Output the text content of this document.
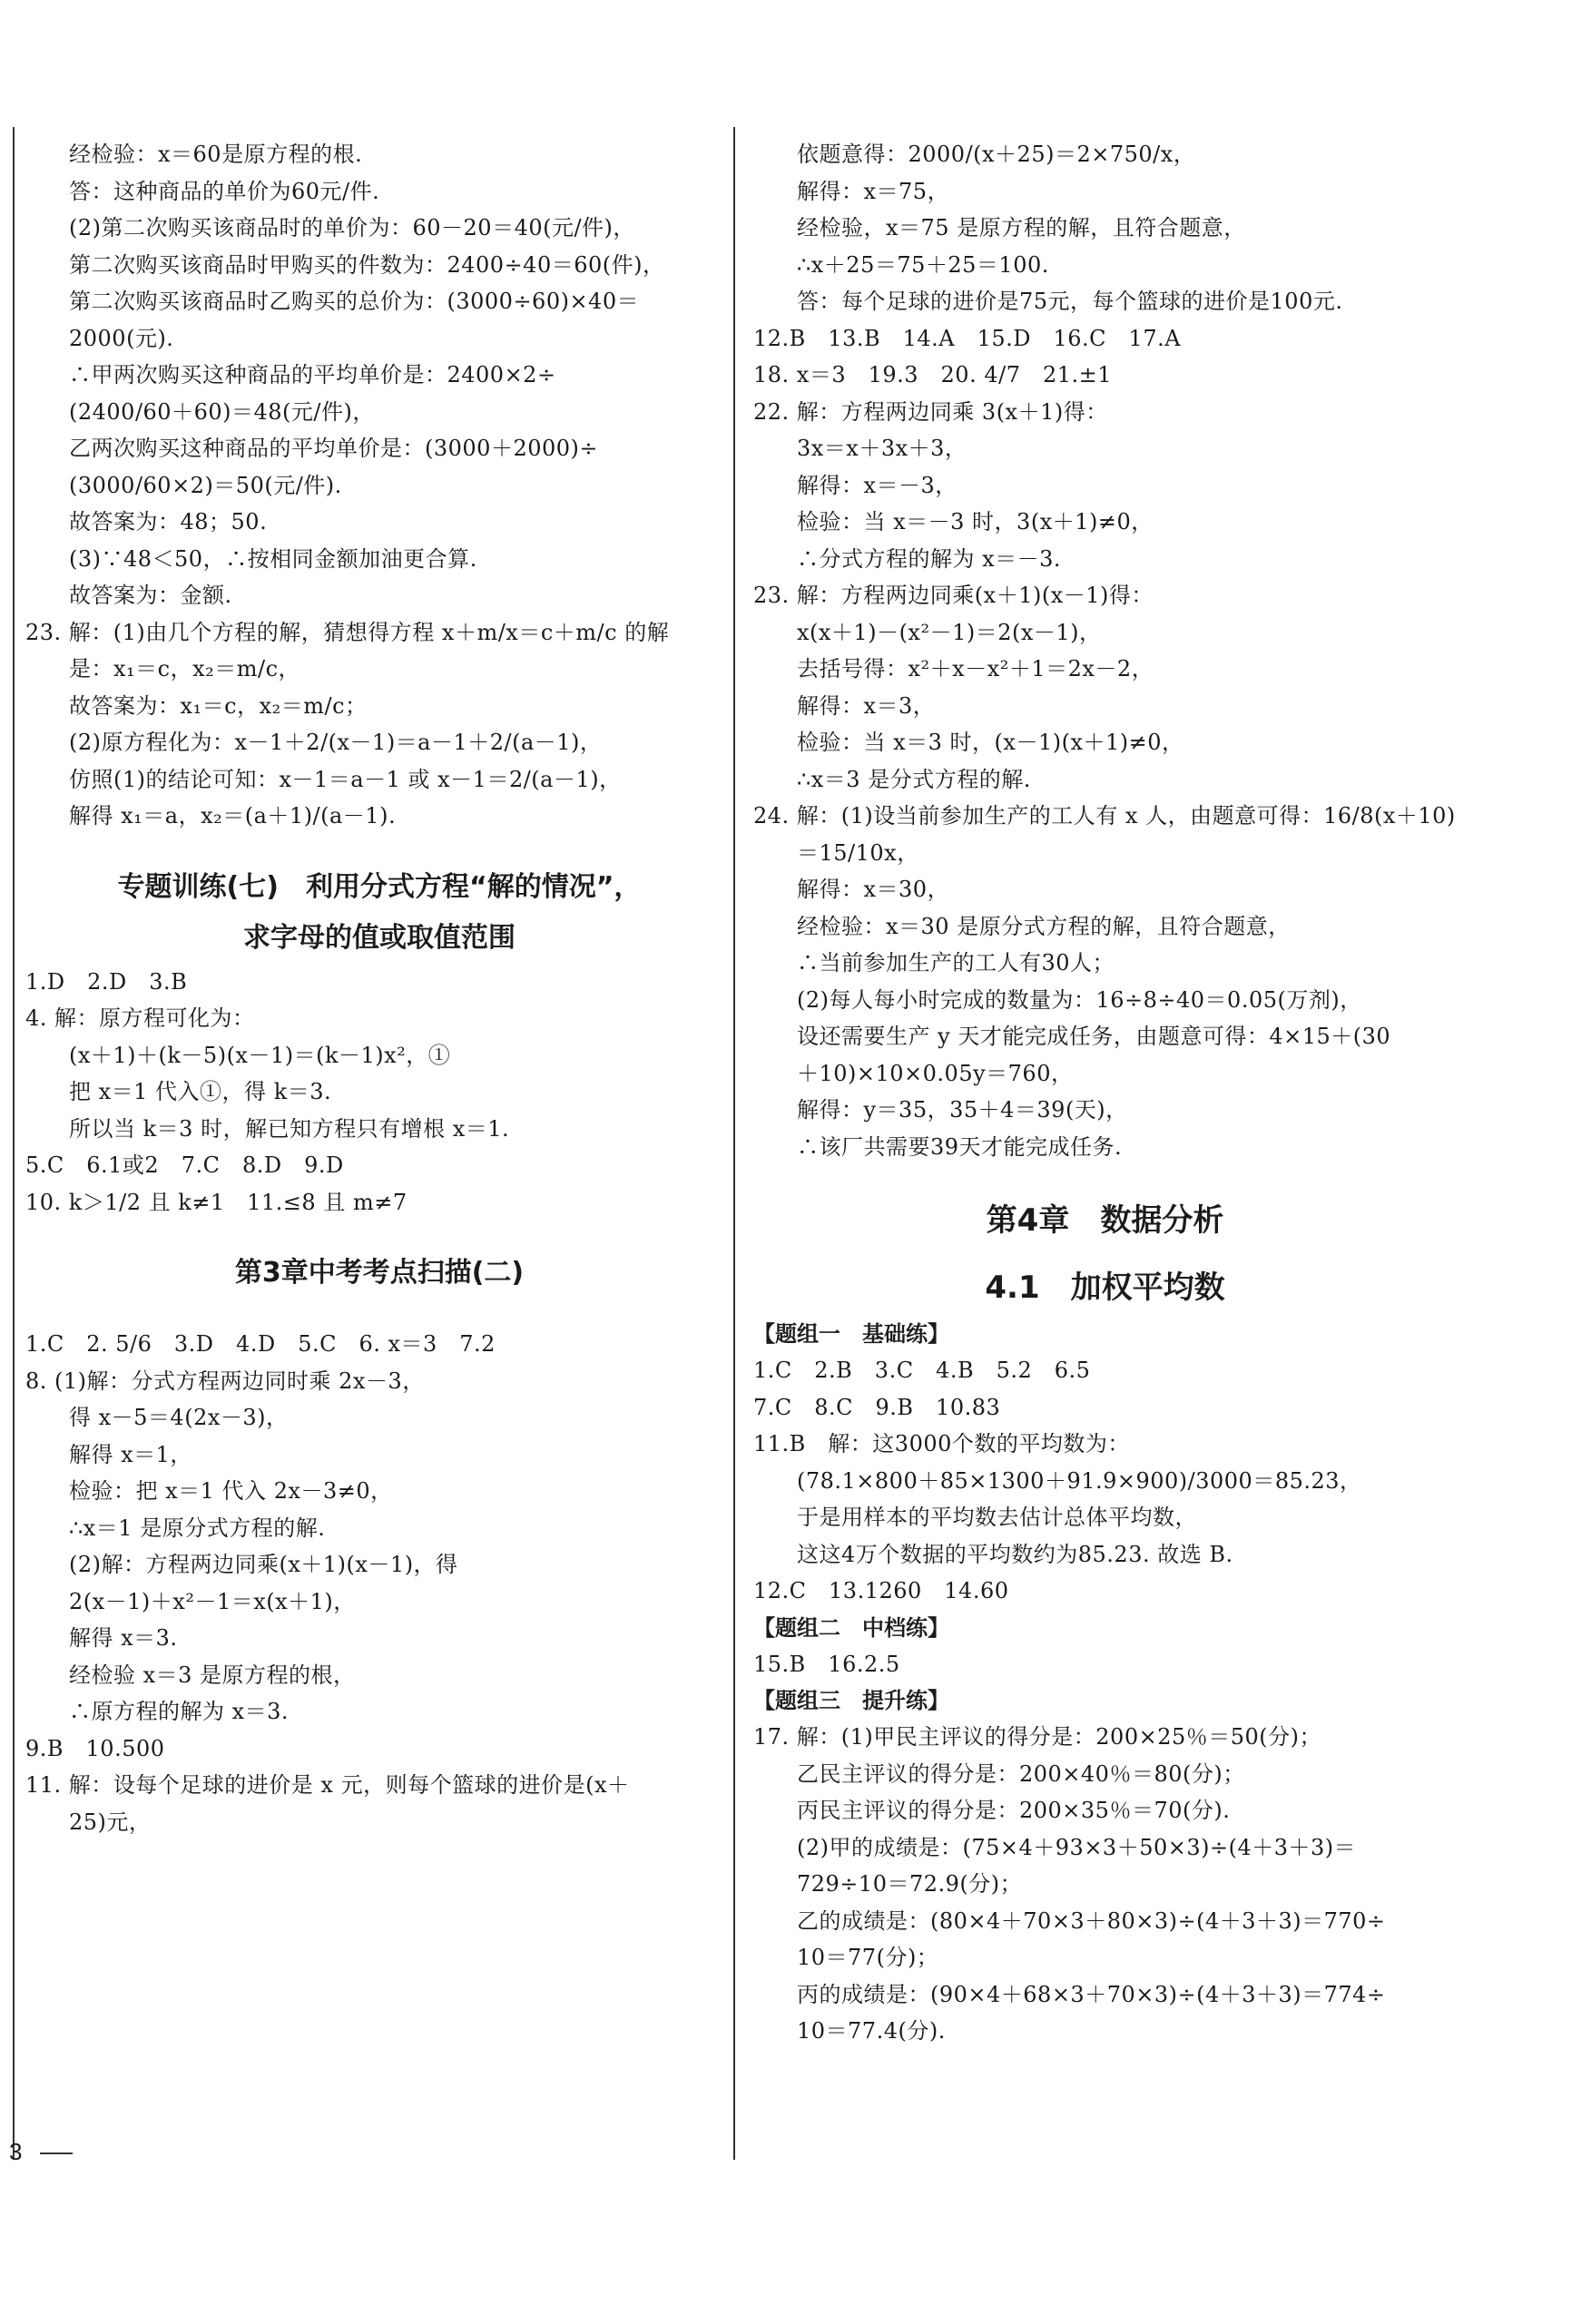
经检验：x＝60是原方程的根.
答：这种商品的单价为60元/件.
(2)第二次购买该商品时的单价为：60－20＝40(元/件)，
第二次购买该商品时甲购买的件数为：2400÷40＝60(件)，
第二次购买该商品时乙购买的总价为：(3000÷60)×40＝
2000(元).
∴甲两次购买这种商品的平均单价是：2400×2÷
(2400/60＋60)＝48(元/件)，
乙两次购买这种商品的平均单价是：(3000＋2000)÷
(3000/60×2)＝50(元/件).
故答案为：48；50.
(3)∵48＜50，∴按相同金额加油更合算.
故答案为：金额.
23. 解：(1)由几个方程的解，猜想得方程 x＋m/x＝c＋m/c 的解
是：x₁＝c，x₂＝m/c，
故答案为：x₁＝c，x₂＝m/c；
(2)原方程化为：x－1＋2/(x－1)＝a－1＋2/(a－1)，
仿照(1)的结论可知：x－1＝a－1 或 x－1＝2/(a－1)，
解得 x₁＝a，x₂＝(a＋1)/(a－1).
专题训练(七)　利用分式方程“解的情况”，
求字母的值或取值范围
1.D　2.D　3.B
4. 解：原方程可化为：
(x＋1)＋(k－5)(x－1)＝(k－1)x²，①
把 x＝1 代入①，得 k＝3.
所以当 k＝3 时，解已知方程只有增根 x＝1.
5.C　6.1或2　7.C　8.D　9.D
10. k＞1/2 且 k≠1　11.≤8 且 m≠7
第3章中考考点扫描(二)
1.C　2. 5/6　3.D　4.D　5.C　6. x＝3　7.2
8. (1)解：分式方程两边同时乘 2x－3，
得 x－5＝4(2x－3)，
解得 x＝1，
检验：把 x＝1 代入 2x－3≠0，
∴x＝1 是原分式方程的解.
(2)解：方程两边同乘(x＋1)(x－1)，得
2(x－1)＋x²－1＝x(x＋1)，
解得 x＝3.
经检验 x＝3 是原方程的根，
∴原方程的解为 x＝3.
9.B　10.500
11. 解：设每个足球的进价是 x 元，则每个篮球的进价是(x＋
25)元，
依题意得：2000/(x＋25)＝2×750/x，
解得：x＝75，
经检验，x＝75 是原方程的解，且符合题意，
∴x＋25＝75＋25＝100.
答：每个足球的进价是75元，每个篮球的进价是100元.
12.B　13.B　14.A　15.D　16.C　17.A
18. x＝3　19.3　20. 4/7　21.±1
22. 解：方程两边同乘 3(x＋1)得：
3x＝x＋3x＋3，
解得：x＝－3，
检验：当 x＝－3 时，3(x＋1)≠0，
∴分式方程的解为 x＝－3.
23. 解：方程两边同乘(x＋1)(x－1)得：
x(x＋1)－(x²－1)＝2(x－1)，
去括号得：x²＋x－x²＋1＝2x－2，
解得：x＝3，
检验：当 x＝3 时，(x－1)(x＋1)≠0，
∴x＝3 是分式方程的解.
24. 解：(1)设当前参加生产的工人有 x 人，由题意可得：16/8(x＋10)
＝15/10x，
解得：x＝30，
经检验：x＝30 是原分式方程的解，且符合题意，
∴当前参加生产的工人有30人；
(2)每人每小时完成的数量为：16÷8÷40＝0.05(万剂)，
设还需要生产 y 天才能完成任务，由题意可得：4×15＋(30
＋10)×10×0.05y＝760，
解得：y＝35，35＋4＝39(天)，
∴该厂共需要39天才能完成任务.
第4章　数据分析
4.1　加权平均数
【题组一　基础练】
1.C　2.B　3.C　4.B　5.2　6.5
7.C　8.C　9.B　10.83
11.B　解：这3000个数的平均数为：
(78.1×800＋85×1300＋91.9×900)/3000＝85.23，
于是用样本的平均数去估计总体平均数，
这这4万个数据的平均数约为85.23. 故选 B.
12.C　13.1260　14.60
【题组二　中档练】
15.B　16.2.5
【题组三　提升练】
17. 解：(1)甲民主评议的得分是：200×25％＝50(分)；
乙民主评议的得分是：200×40％＝80(分)；
丙民主评议的得分是：200×35％＝70(分).
(2)甲的成绩是：(75×4＋93×3＋50×3)÷(4＋3＋3)＝
729÷10＝72.9(分)；
乙的成绩是：(80×4＋70×3＋80×3)÷(4＋3＋3)＝770÷
10＝77(分)；
丙的成绩是：(90×4＋68×3＋70×3)÷(4＋3＋3)＝774÷
10＝77.4(分).
3
